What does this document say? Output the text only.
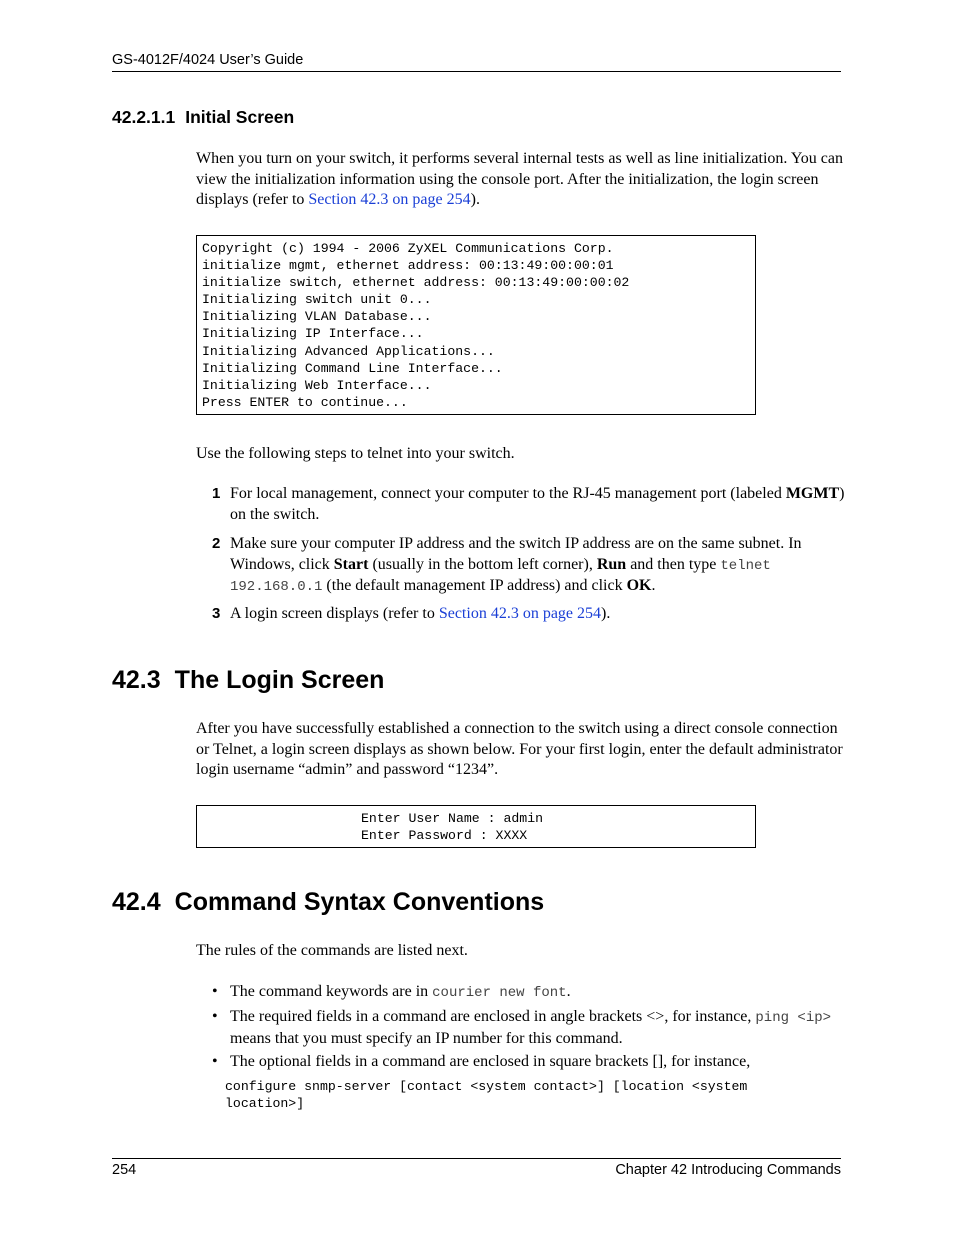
GS-4012F/4024 User’s Guide
42.2.1.1 Initial Screen
When you turn on your switch, it performs several internal tests as well as line initialization. You can view the initialization information using the console port. After the initialization, the login screen displays (refer to Section 42.3 on page 254).
Copyright (c) 1994 - 2006 ZyXEL Communications Corp.
initialize mgmt, ethernet address: 00:13:49:00:00:01
initialize switch, ethernet address: 00:13:49:00:00:02
Initializing switch unit 0...
Initializing VLAN Database...
Initializing IP Interface...
Initializing Advanced Applications...
Initializing Command Line Interface...
Initializing Web Interface...
Press ENTER to continue...
Use the following steps to telnet into your switch.
1 For local management, connect your computer to the RJ-45 management port (labeled MGMT) on the switch.
2 Make sure your computer IP address and the switch IP address are on the same subnet. In Windows, click Start (usually in the bottom left corner), Run and then type telnet 192.168.0.1 (the default management IP address) and click OK.
3 A login screen displays (refer to Section 42.3 on page 254).
42.3 The Login Screen
After you have successfully established a connection to the switch using a direct console connection or Telnet, a login screen displays as shown below. For your first login, enter the default administrator login username “admin” and password “1234”.
Enter User Name : admin
Enter Password : XXXX
42.4 Command Syntax Conventions
The rules of the commands are listed next.
• The command keywords are in courier new font.
• The required fields in a command are enclosed in angle brackets <>, for instance, ping <ip> means that you must specify an IP number for this command.
• The optional fields in a command are enclosed in square brackets [], for instance,
configure snmp-server [contact <system contact>] [location <system
location>]
254	Chapter 42 Introducing Commands
